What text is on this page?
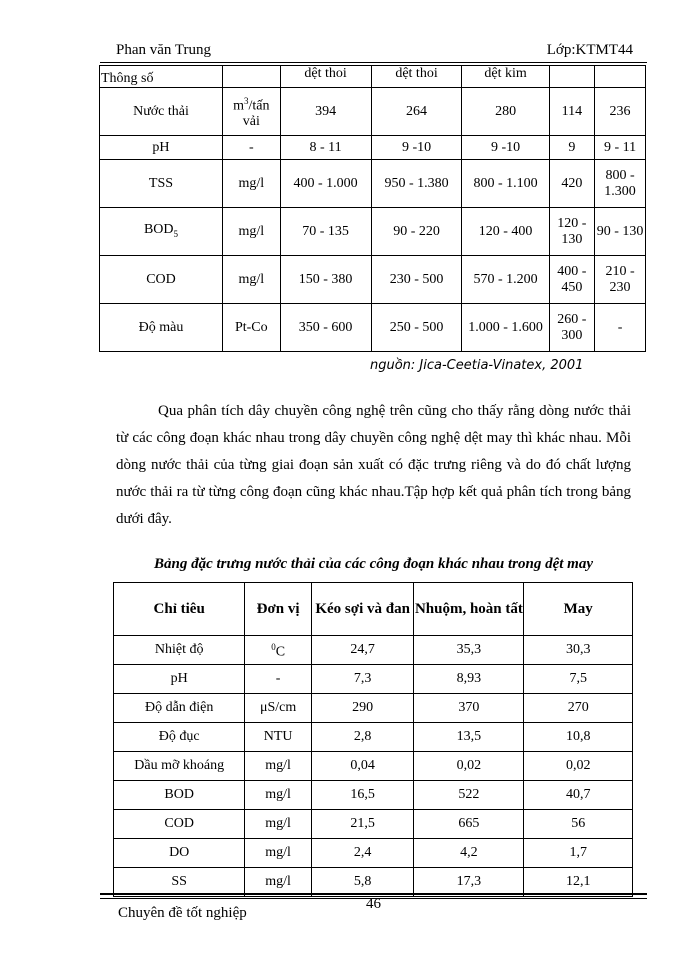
Phan văn Trung	Lớp:KTMT44
Thông số		dệt thoi	dệt thoi	dệt kim		
Nước thải	$m^3$/tấn vải	394	264	280	114	236
pH	-	8 - 11	9 -10	9 -10	9	9 - 11
TSS	mg/l	400 - 1.000	950 - 1.380	800 - 1.100	420	800 - 1.300
$BOD_5$	mg/l	70 - 135	90 - 220	120 - 400	120 - 130	90 - 130
COD	mg/l	150 - 380	230 - 500	570 - 1.200	400 - 450	210 - 230
Độ màu	Pt-Co	350 - 600	250 - 500	1.000 - 1.600	260 - 300	-
nguồn: Jica-Ceetia-Vinatex, 2001

Qua phân tích dây chuyền công nghệ trên cũng cho thấy rằng dòng nước thải từ các công đoạn khác nhau trong dây chuyền công nghệ dệt may thì khác nhau. Mỗi dòng nước thải của từng giai đoạn sản xuất có đặc trưng riêng và do đó chất lượng nước thải ra từ từng công đoạn cũng khác nhau.Tập hợp kết quả phân tích trong bảng dưới đây.

Bảng đặc trưng nước thải của các công đoạn khác nhau trong dệt may
Chỉ tiêu	Đơn vị	Kéo sợi và đan	Nhuộm, hoàn tất	May
Nhiệt độ	$^0$C	24,7	35,3	30,3
pH	-	7,3	8,93	7,5
Độ dẫn điện	μS/cm	290	370	270
Độ đục	NTU	2,8	13,5	10,8
Dầu mỡ khoáng	mg/l	0,04	0,02	0,02
BOD	mg/l	16,5	522	40,7
COD	mg/l	21,5	665	56
DO	mg/l	2,4	4,2	1,7
SS	mg/l	5,8	17,3	12,1
46
Chuyên đề tốt nghiệp
